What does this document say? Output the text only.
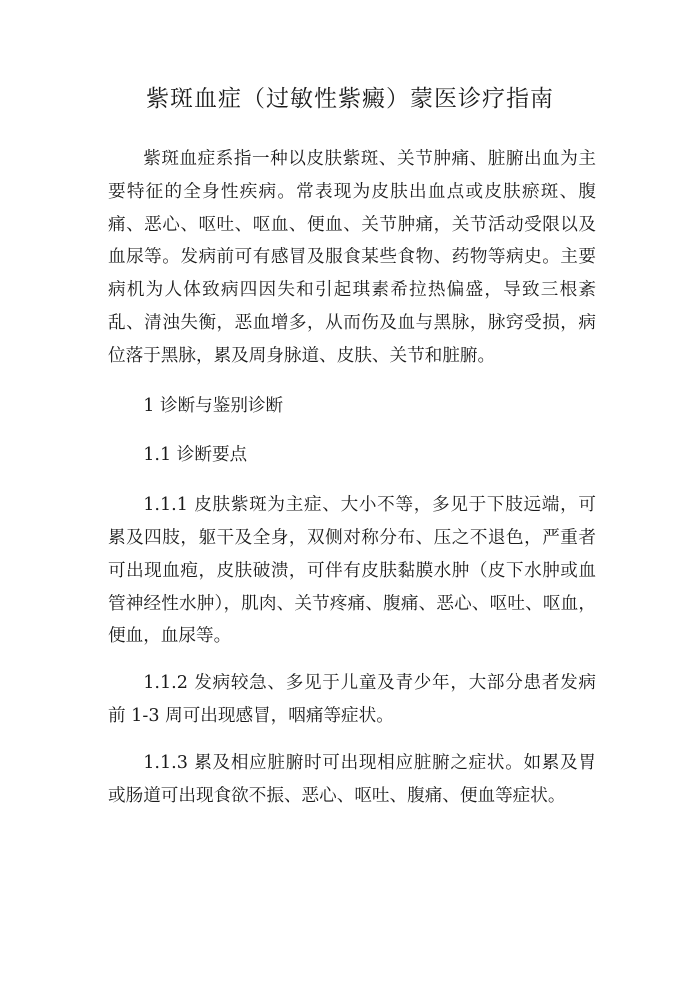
紫斑血症（过敏性紫癜）蒙医诊疗指南

紫斑血症系指一种以皮肤紫斑、关节肿痛、脏腑出血为主要特征的全身性疾病。常表现为皮肤出血点或皮肤瘀斑、腹痛、恶心、呕吐、呕血、便血、关节肿痛，关节活动受限以及血尿等。发病前可有感冒及服食某些食物、药物等病史。主要病机为人体致病四因失和引起琪素希拉热偏盛，导致三根紊乱、清浊失衡，恶血增多，从而伤及血与黑脉，脉窍受损，病位落于黑脉，累及周身脉道、皮肤、关节和脏腑。

1 诊断与鉴别诊断

1.1 诊断要点

1.1.1 皮肤紫斑为主症、大小不等，多见于下肢远端，可累及四肢，躯干及全身，双侧对称分布、压之不退色，严重者可出现血疱，皮肤破溃，可伴有皮肤黏膜水肿（皮下水肿或血管神经性水肿），肌肉、关节疼痛、腹痛、恶心、呕吐、呕血，便血，血尿等。

1.1.2 发病较急、多见于儿童及青少年，大部分患者发病前 1-3 周可出现感冒，咽痛等症状。

1.1.3 累及相应脏腑时可出现相应脏腑之症状。如累及胃或肠道可出现食欲不振、恶心、呕吐、腹痛、便血等症状。
